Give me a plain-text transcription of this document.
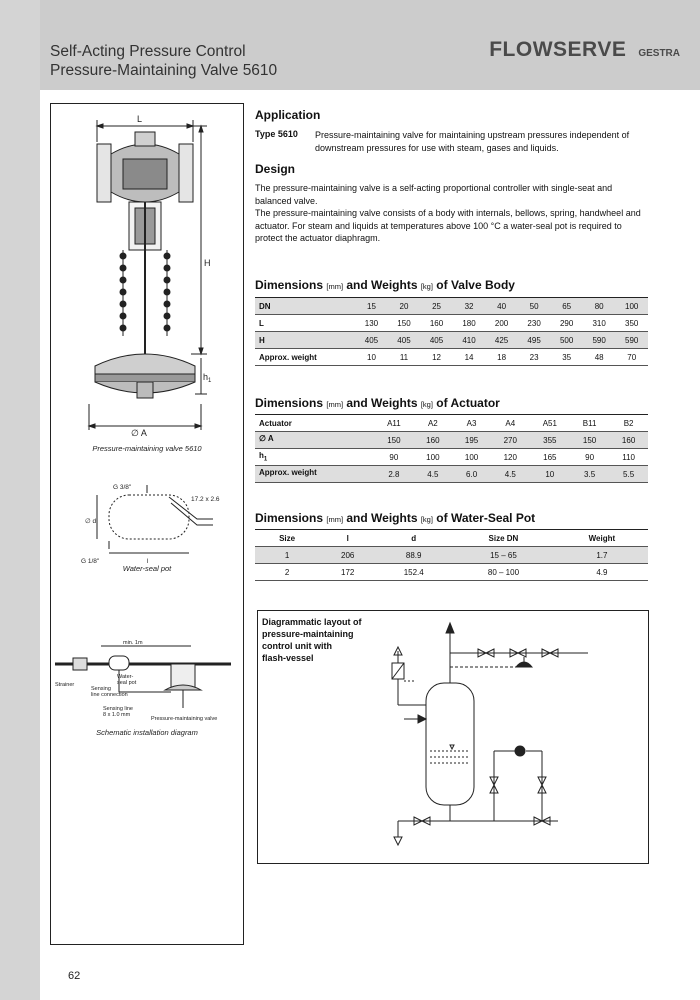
Self-Acting Pressure Control
Pressure-Maintaining Valve 5610
FLOWSERVE GESTRA
L
H
$h_1$
∅ A
Pressure-maintaining valve 5610
G 3/8"
17.2 x 2.6
∅ d
G 1/8"	l
Water-seal pot
min. 1m
Strainer
Water-
seal pot
Sensing
line connection
Sensing line
8 x 1.0 mm
Pressure-maintaining valve
Schematic installation diagram
Application
Type 5610 Pressure-maintaining valve for maintaining upstream pressures independent of downstream pressures for use with steam, gases and liquids.
Design
The pressure-maintaining valve is a self-acting proportional controller with single-seat and balanced valve.
The pressure-maintaining valve consists of a body with internals, bellows, spring, handwheel and actuator. For steam and liquids at temperatures above 100 °C a water-seal pot is required to protect the actuator diaphragm.
Dimensions [mm] and Weights [kg] of Valve Body
DN	15	20	25	32	40	50	65	80	100
L	130	150	160	180	200	230	290	310	350
H	405	405	405	410	425	495	500	590	590
Approx. weight	10	11	12	14	18	23	35	48	70
Dimensions [mm] and Weights [kg] of Actuator
Actuator	A11	A2	A3	A4	A51	B11	B2
∅ A	150	160	195	270	355	150	160
$h_1$	90	100	100	120	165	90	110
Approx. weight	2.8	4.5	6.0	4.5	10	3.5	5.5
Dimensions [mm] and Weights [kg] of Water-Seal Pot
Size	l	d	Size DN	Weight
1	206	88.9	15 – 65	1.7
2	172	152.4	80 – 100	4.9
Diagrammatic layout of
pressure-maintaining
control unit with
flash-vessel
62
